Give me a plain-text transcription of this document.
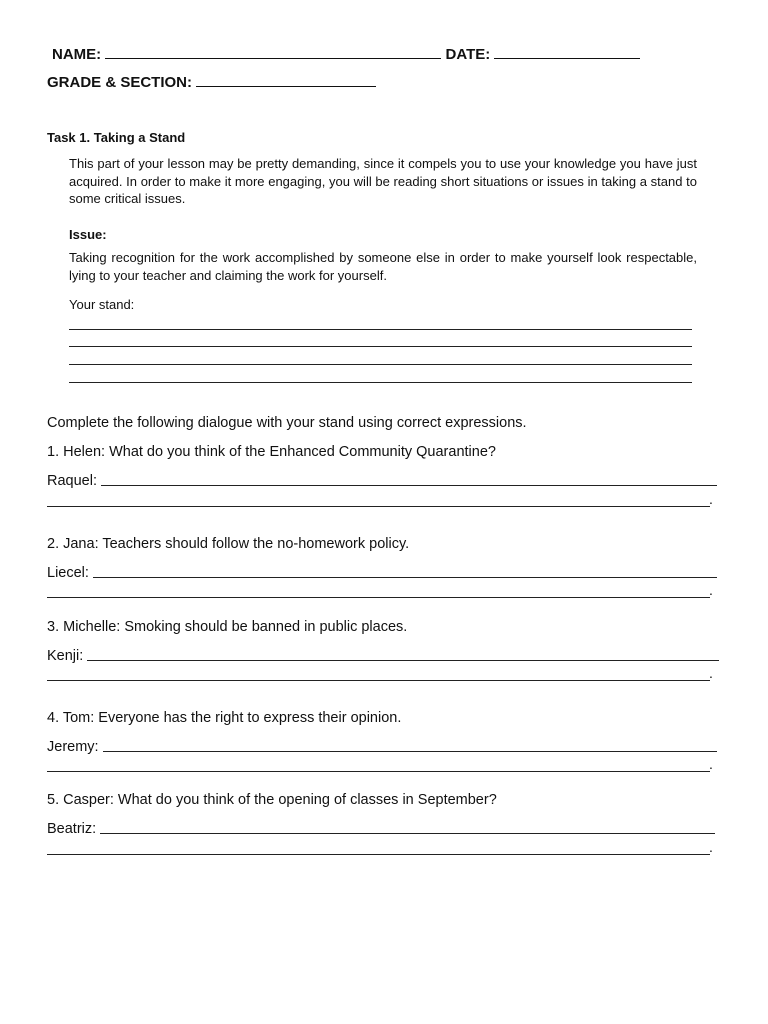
NAME:	DATE:
GRADE & SECTION:
Task 1. Taking a Stand
This part of your lesson may be pretty demanding, since it compels you to use your knowledge you have just acquired. In order to make it more engaging, you will be reading short situations or issues in taking a stand to some critical issues.
Issue:
Taking recognition for the work accomplished by someone else in order to make yourself look respectable, lying to your teacher and claiming the work for yourself.
Your stand:
Complete the following dialogue with your stand using correct expressions.
1. Helen: What do you think of the Enhanced Community Quarantine?
Raquel:
.
2. Jana: Teachers should follow the no-homework policy.
Liecel:
.
3. Michelle: Smoking should be banned in public places.
Kenji:
.
4. Tom: Everyone has the right to express their opinion.
Jeremy:
.
5. Casper: What do you think of the opening of classes in September?
Beatriz:
.
